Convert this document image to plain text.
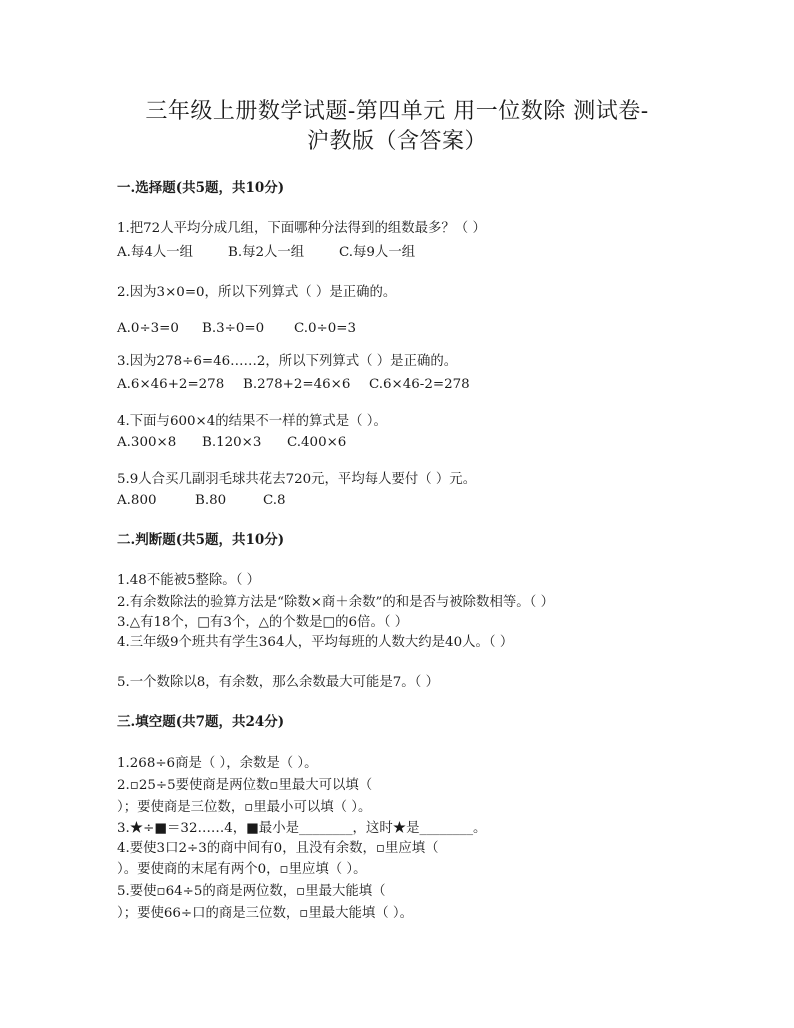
三年级上册数学试题-第四单元 用一位数除 测试卷-
沪教版（含答案）
一.选择题(共5题，共10分)
1.把72人平均分成几组，下面哪种分法得到的组数最多？（ ）
A.每4人一组	B.每2人一组	C.每9人一组
2.因为3×0=0，所以下列算式（ ）是正确的。
A.0÷3=0 B.3÷0=0 C.0÷0=3
3.因为278÷6=46……2，所以下列算式（ ）是正确的。
A.6×46+2=278 B.278+2=46×6 C.6×46-2=278
4.下面与600×4的结果不一样的算式是（ ）。
A.300×8 B.120×3 C.400×6
5.9人合买几副羽毛球共花去720元，平均每人要付（ ）元。
A.800	B.80	C.8
二.判断题(共5题，共10分)
1.48不能被5整除。（ ）
2.有余数除法的验算方法是“除数×商＋余数”的和是否与被除数相等。（ ）
3.△有18个，□有3个，△的个数是□的6倍。（ ）
4.三年级9个班共有学生364人，平均每班的人数大约是40人。（ ）
5.一个数除以8，有余数，那么余数最大可能是7。（ ）
三.填空题(共7题，共24分)
1.268÷6商是（ ），余数是（ ）。
2.▫25÷5要使商是两位数▫里最大可以填（
）；要使商是三位数，▫里最小可以填（ ）。
3.★÷■＝32……4，■最小是________，这时★是________。
4.要使3口2÷3的商中间有0，且没有余数，▫里应填（
）。要使商的末尾有两个0，▫里应填（ ）。
5.要使▫64÷5的商是两位数，▫里最大能填（
）；要使66÷口的商是三位数，▫里最大能填（ ）。
